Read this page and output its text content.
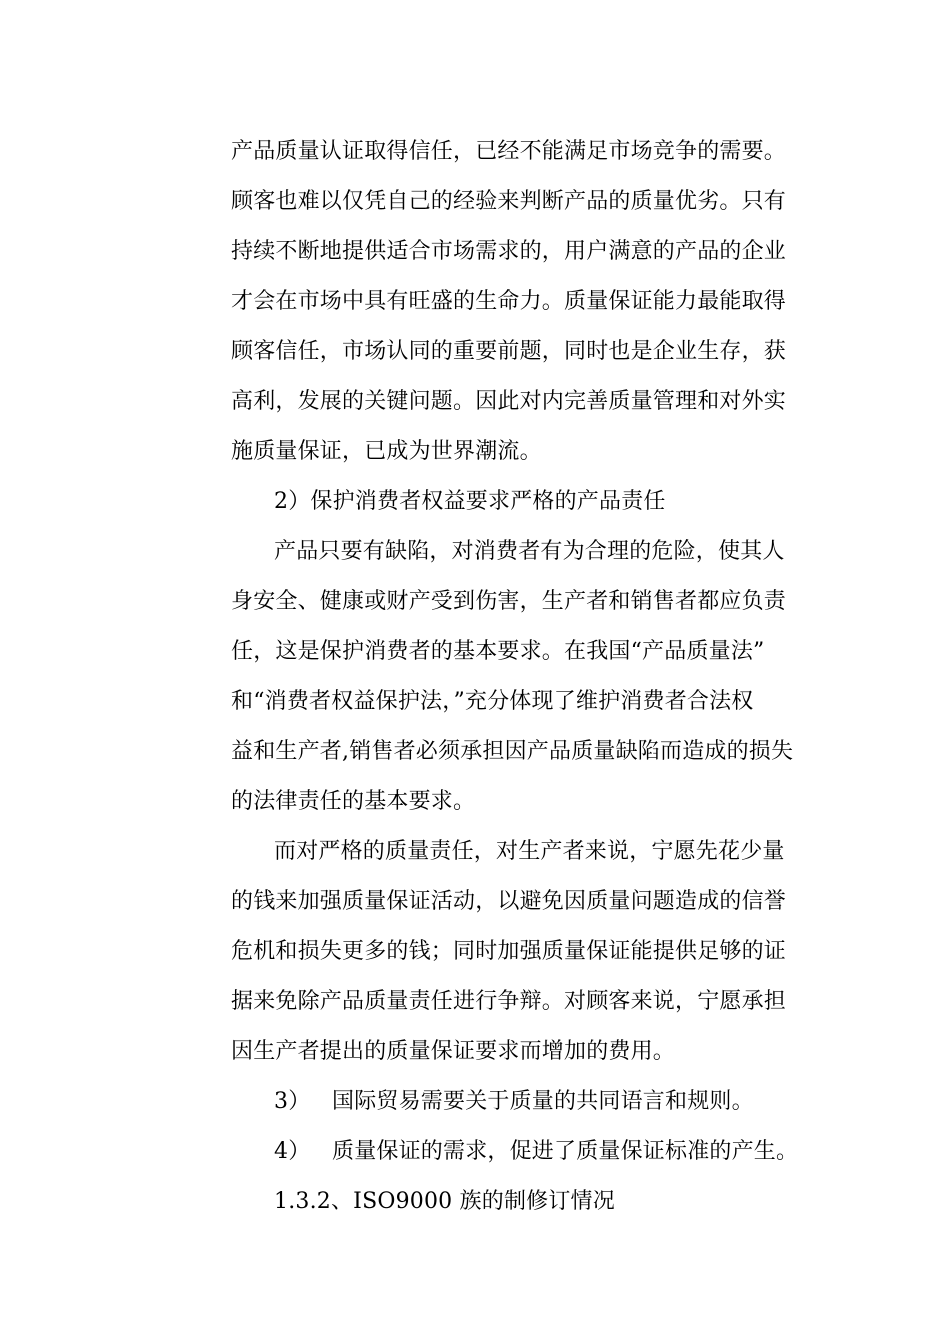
产品质量认证取得信任，已经不能满足市场竞争的需要。
顾客也难以仅凭自己的经验来判断产品的质量优劣。只有
持续不断地提供适合市场需求的，用户满意的产品的企业
才会在市场中具有旺盛的生命力。质量保证能力最能取得
顾客信任，市场认同的重要前题，同时也是企业生存，获
高利，发展的关键问题。因此对内完善质量管理和对外实
施质量保证，已成为世界潮流。
2）保护消费者权益要求严格的产品责任
产品只要有缺陷，对消费者有为合理的危险，使其人
身安全、健康或财产受到伤害，生产者和销售者都应负责
任，这是保护消费者的基本要求。在我国“产品质量法”
和“消费者权益保护法，”充分体现了维护消费者合法权
益和生产者,销售者必须承担因产品质量缺陷而造成的损失
的法律责任的基本要求。
而对严格的质量责任，对生产者来说，宁愿先花少量
的钱来加强质量保证活动，以避免因质量问题造成的信誉
危机和损失更多的钱；同时加强质量保证能提供足够的证
据来免除产品质量责任进行争辩。对顾客来说，宁愿承担
因生产者提出的质量保证要求而增加的费用。
3） 国际贸易需要关于质量的共同语言和规则。
4） 质量保证的需求，促进了质量保证标准的产生。
1.3.2、ISO9000 族的制修订情况
